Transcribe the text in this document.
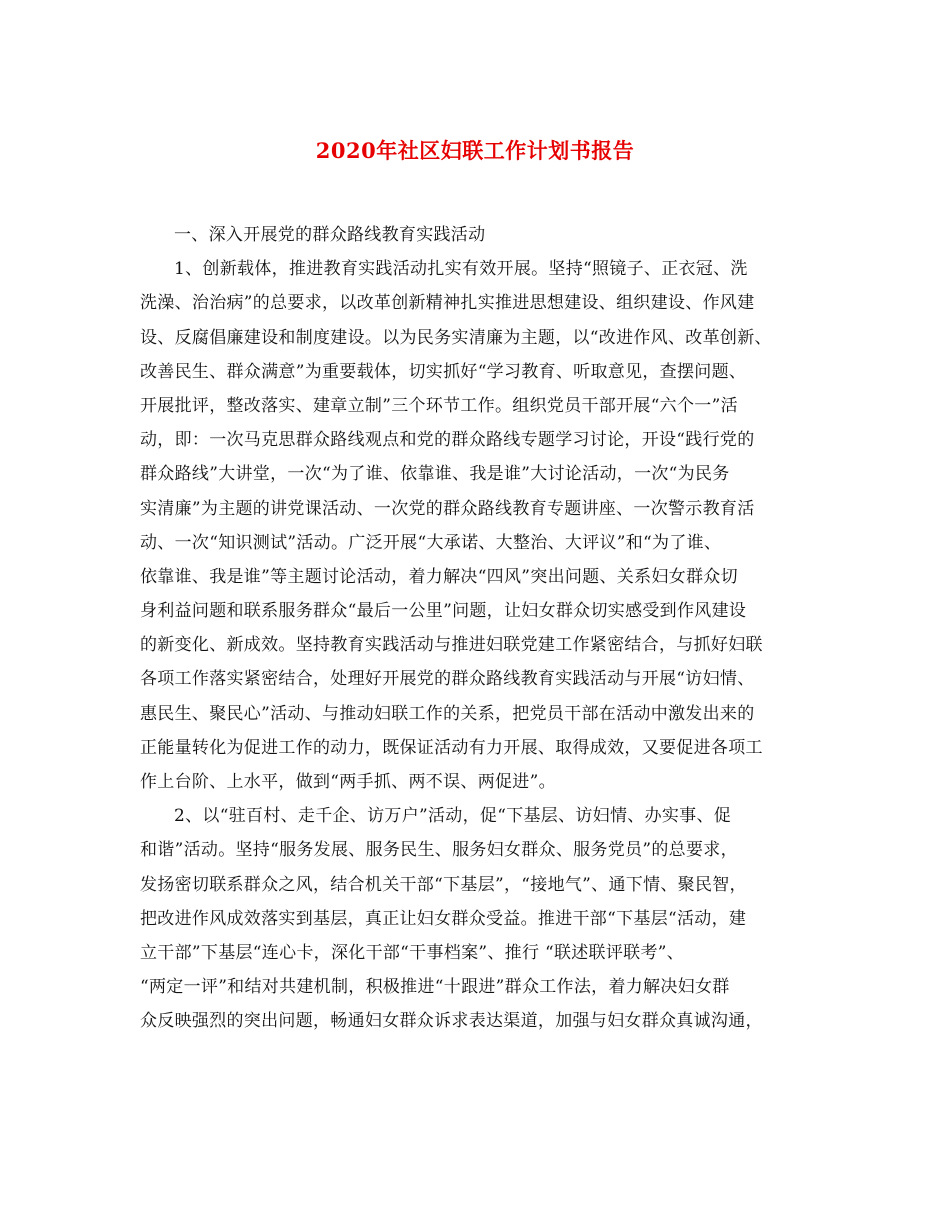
2020年社区妇联工作计划书报告
一、深入开展党的群众路线教育实践活动
1、创新载体，推进教育实践活动扎实有效开展。坚持“照镜子、正衣冠、洗
洗澡、治治病”的总要求，以改革创新精神扎实推进思想建设、组织建设、作风建
设、反腐倡廉建设和制度建设。以为民务实清廉为主题，以“改进作风、改革创新、
改善民生、群众满意”为重要载体，切实抓好“学习教育、听取意见，查摆问题、
开展批评，整改落实、建章立制”三个环节工作。组织党员干部开展“六个一”活
动，即：一次马克思群众路线观点和党的群众路线专题学习讨论，开设“践行党的
群众路线”大讲堂，一次“为了谁、依靠谁、我是谁”大讨论活动，一次“为民务
实清廉”为主题的讲党课活动、一次党的群众路线教育专题讲座、一次警示教育活
动、一次“知识测试”活动。广泛开展“大承诺、大整治、大评议”和“为了谁、
依靠谁、我是谁”等主题讨论活动，着力解决“四风”突出问题、关系妇女群众切
身利益问题和联系服务群众“最后一公里”问题，让妇女群众切实感受到作风建设
的新变化、新成效。坚持教育实践活动与推进妇联党建工作紧密结合，与抓好妇联
各项工作落实紧密结合，处理好开展党的群众路线教育实践活动与开展“访妇情、
惠民生、聚民心”活动、与推动妇联工作的关系，把党员干部在活动中激发出来的
正能量转化为促进工作的动力，既保证活动有力开展、取得成效，又要促进各项工
作上台阶、上水平，做到“两手抓、两不误、两促进”。
2、以“驻百村、走千企、访万户”活动，促“下基层、访妇情、办实事、促
和谐”活动。坚持“服务发展、服务民生、服务妇女群众、服务党员”的总要求，
发扬密切联系群众之风，结合机关干部“下基层”，“接地气”、通下情、聚民智，
把改进作风成效落实到基层，真正让妇女群众受益。推进干部“下基层“活动，建
立干部”下基层“连心卡，深化干部“干事档案”、推行 “联述联评联考”、
“两定一评”和结对共建机制，积极推进“十跟进”群众工作法，着力解决妇女群
众反映强烈的突出问题，畅通妇女群众诉求表达渠道，加强与妇女群众真诚沟通，
